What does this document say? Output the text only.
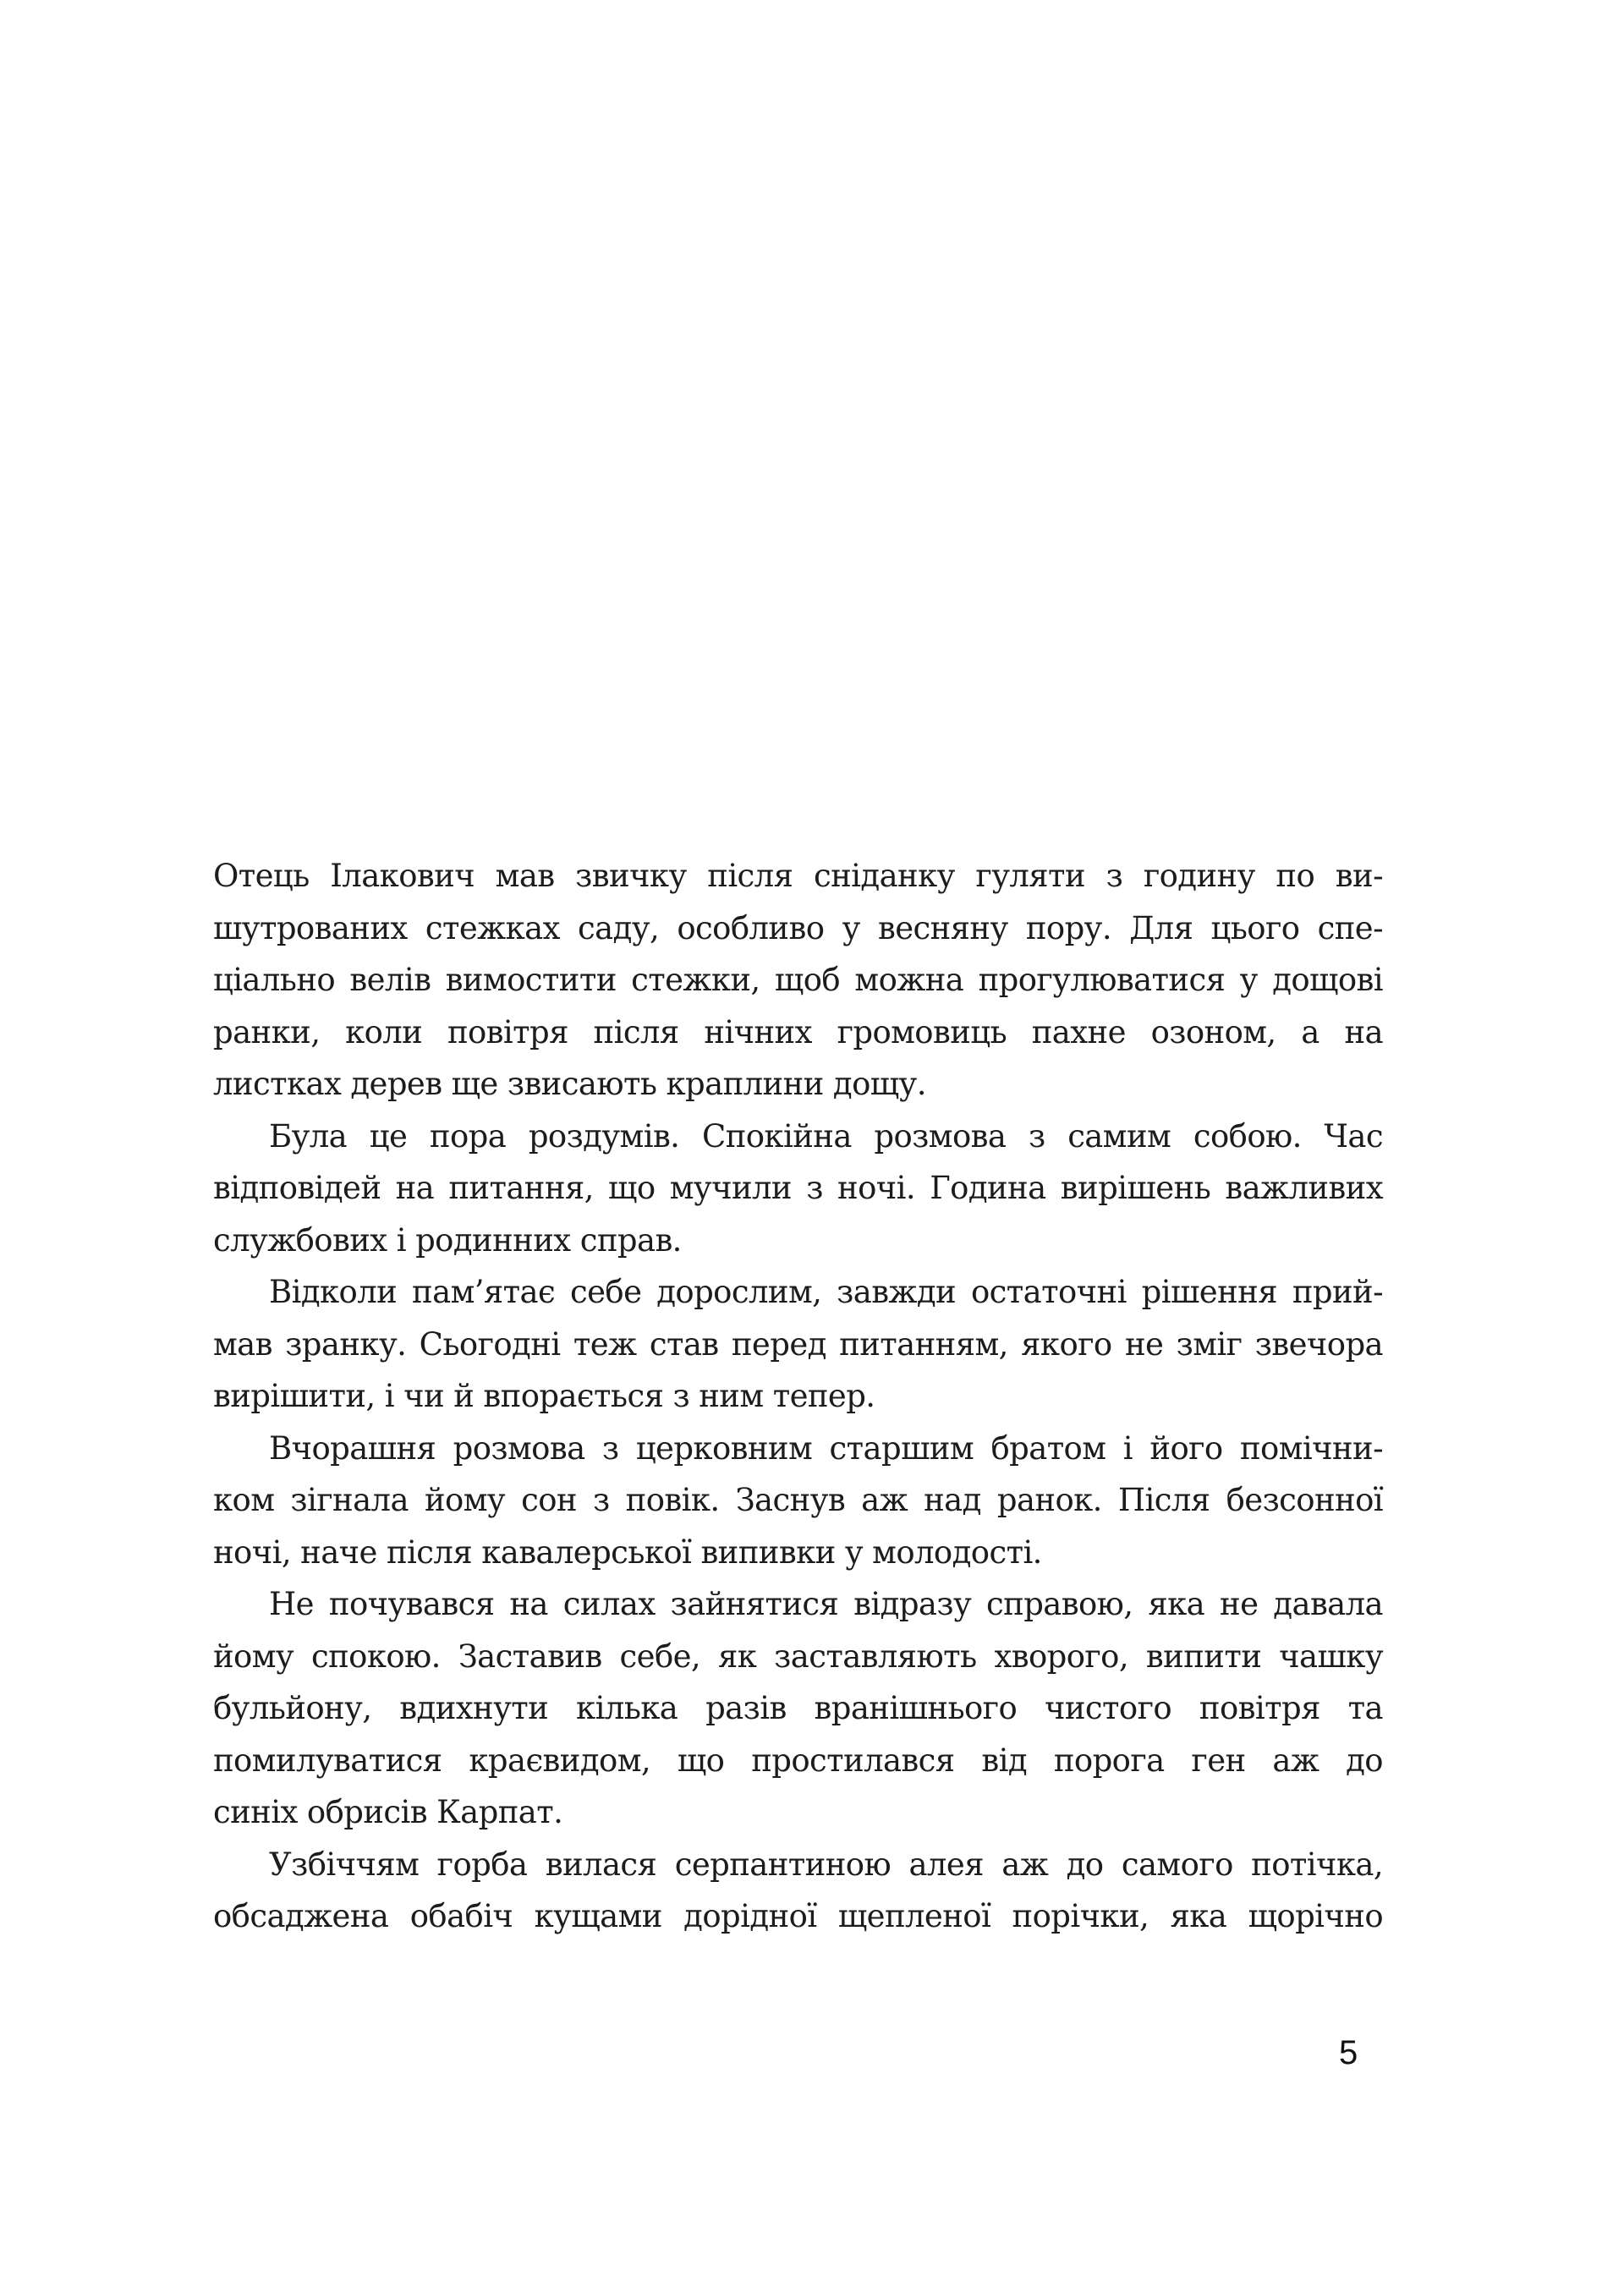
Отець Ілакович мав звичку після сніданку гуляти з годину по ви-
шутрованих стежках саду, особливо у весняну пору. Для цього спе-
ціально велів вимостити стежки, щоб можна прогулюватися у дощові
ранки, коли повітря після нічних громовиць пахне озоном, а на
листках дерев ще звисають краплини дощу.
Була це пора роздумів. Спокійна розмова з самим собою. Час
відповідей на питання, що мучили з ночі. Година вирішень важливих
службових і родинних справ.
Відколи пам’ятає себе дорослим, завжди остаточні рішення прий-
мав зранку. Сьогодні теж став перед питанням, якого не зміг звечора
вирішити, і чи й впорається з ним тепер.
Вчорашня розмова з церковним старшим братом і його помічни-
ком зігнала йому сон з повік. Заснув аж над ранок. Після безсонної
ночі, наче після кавалерської випивки у молодості.
Не почувався на силах зайнятися відразу справою, яка не давала
йому спокою. Заставив себе, як заставляють хворого, випити чашку
бульйону, вдихнути кілька разів вранішнього чистого повітря та
помилуватися краєвидом, що простилався від порога ген аж до
синіх обрисів Карпат.
Узбіччям горба вилася серпантиною алея аж до самого потічка,
обсаджена обабіч кущами дорідної щепленої порічки, яка щорічно
5
